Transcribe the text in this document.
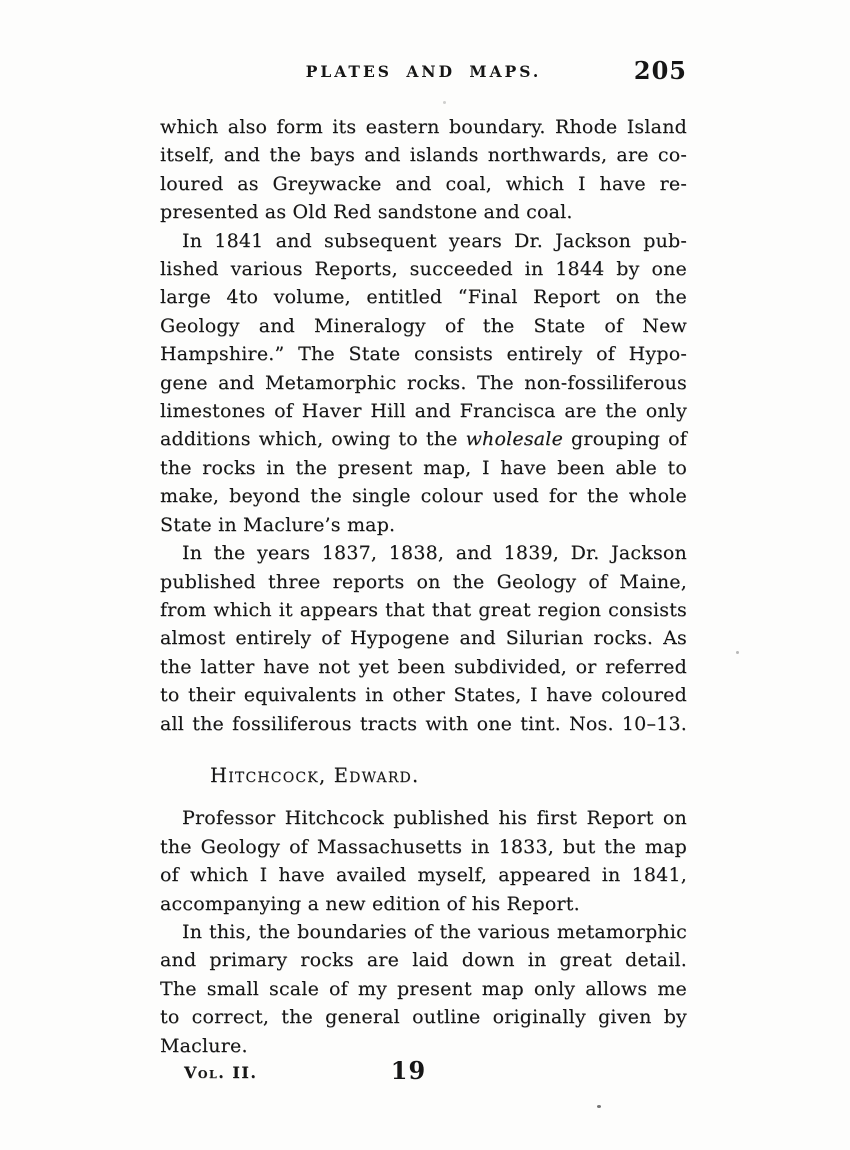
PLATES AND MAPS.	205
which also form its eastern boundary. Rhode Island
itself, and the bays and islands northwards, are co-
loured as Greywacke and coal, which I have re-
presented as Old Red sandstone and coal.
In 1841 and subsequent years Dr. Jackson pub-
lished various Reports, succeeded in 1844 by one
large 4to volume, entitled “Final Report on the
Geology and Mineralogy of the State of New
Hampshire.” The State consists entirely of Hypo-
gene and Metamorphic rocks. The non-fossiliferous
limestones of Haver Hill and Francisca are the only
additions which, owing to the wholesale grouping of
the rocks in the present map, I have been able to
make, beyond the single colour used for the whole
State in Maclure’s map.
In the years 1837, 1838, and 1839, Dr. Jackson
published three reports on the Geology of Maine,
from which it appears that that great region consists
almost entirely of Hypogene and Silurian rocks. As
the latter have not yet been subdivided, or referred
to their equivalents in other States, I have coloured
all the fossiliferous tracts with one tint. Nos. 10–13.
Hitchcock, Edward.
Professor Hitchcock published his first Report on
the Geology of Massachusetts in 1833, but the map
of which I have availed myself, appeared in 1841,
accompanying a new edition of his Report.
In this, the boundaries of the various metamorphic
and primary rocks are laid down in great detail.
The small scale of my present map only allows me
to correct, the general outline originally given by
Maclure.
Vol. II.	19
